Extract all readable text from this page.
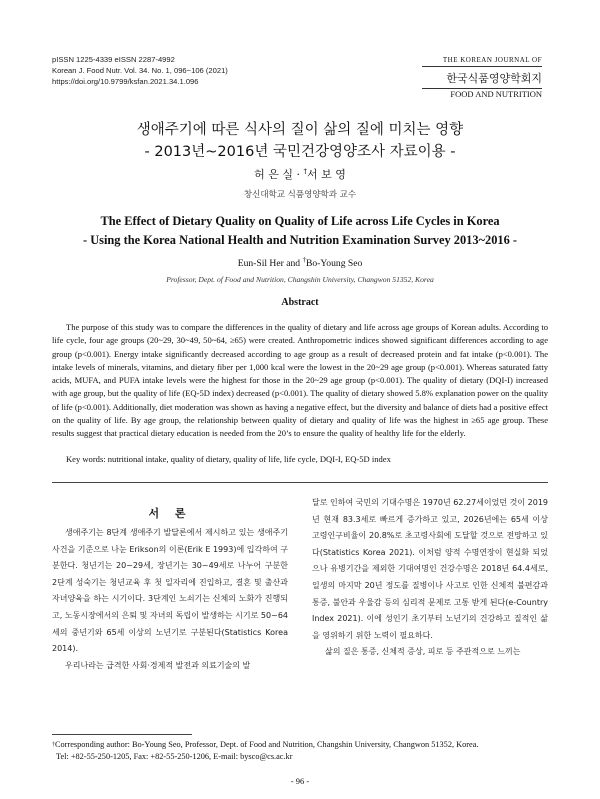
pISSN 1225-4339 eISSN 2287-4992
Korean J. Food Nutr. Vol. 34. No. 1, 096~106 (2021)
https://doi.org/10.9799/ksfan.2021.34.1.096
THE KOREAN JOURNAL OF
한국식품영양학회지
FOOD AND NUTRITION
생애주기에 따른 식사의 질이 삶의 질에 미치는 영향
- 2013년~2016년 국민건강영양조사 자료이용 -
허 은 실 · †서 보 영
창신대학교 식품영양학과 교수
The Effect of Dietary Quality on Quality of Life across Life Cycles in Korea
- Using the Korea National Health and Nutrition Examination Survey 2013~2016 -
Eun-Sil Her and †Bo-Young Seo
Professor, Dept. of Food and Nutrition, Changshin University, Changwon 51352, Korea
Abstract
The purpose of this study was to compare the differences in the quality of dietary and life across age groups of Korean adults. According to life cycle, four age groups (20~29, 30~49, 50~64, ≥65) were created. Anthropometric indices showed significant differences according to age group (p<0.001). Energy intake significantly decreased according to age group as a result of decreased protein and fat intake (p<0.001). The intake levels of minerals, vitamins, and dietary fiber per 1,000 kcal were the lowest in the 20~29 age group (p<0.001). Whereas saturated fatty acids, MUFA, and PUFA intake levels were the highest for those in the 20~29 age group (p<0.001). The quality of dietary (DQI-I) increased with age group, but the quality of life (EQ-5D index) decreased (p<0.001). The quality of dietary showed 5.8% explanation power on the quality of life (p<0.001). Additionally, diet moderation was shown as having a negative effect, but the diversity and balance of diets had a positive effect on the quality of life. By age group, the relationship between quality of dietary and quality of life was the highest in ≥65 age group. These results suggest that practical dietary education is needed from the 20’s to ensure the quality of healthy life for the elderly.
Key words: nutritional intake, quality of dietary, quality of life, life cycle, DQI-I, EQ-5D index
서 론

생애주기는 8단계 생애주기 발달론에서 제시하고 있는 생애주기 사건을 기준으로 나눈 Erikson의 이론(Erik E 1993)에 입각하여 구분한다. 청년기는 20~29세, 장년기는 30~49세로 나누어 구분한 2단계 성숙기는 청년교육 후 첫 일자리에 진입하고, 결혼 및 출산과 자녀양육을 하는 시기이다. 3단계인 노쇠기는 신체의 노화가 진행되고, 노동시장에서의 은퇴 및 자녀의 독립이 발생하는 시기로 50~64세의 중년기와 65세 이상의 노년기로 구분된다(Statistics Korea 2014).

우리나라는 급격한 사회·경제적 발전과 의료기술의 발

달로 인하여 국민의 기대수명은 1970년 62.27세이었던 것이 2019년 현재 83.3세로 빠르게 증가하고 있고, 2026년에는 65세 이상 고령인구비율이 20.8%로 초고령사회에 도달할 것으로 전망하고 있다(Statistics Korea 2021). 이처럼 양적 수명연장이 현실화 되었으나 유병기간을 제외한 기대여명인 건강수명은 2018년 64.4세로, 일생의 마지막 20년 정도를 질병이나 사고로 인한 신체적 불편감과 통증, 불안과 우울감 등의 심리적 문제로 고통 받게 된다(e-Country Index 2021). 이에 성인기 초기부터 노년기의 건강하고 질적인 삶을 영위하기 위한 노력이 필요하다.

삶의 질은 통증, 신체적 증상, 피로 등 주관적으로 느끼는

†Corresponding author: Bo-Young Seo, Professor, Dept. of Food and Nutrition, Changshin University, Changwon 51352, Korea.
Tel: +82-55-250-1205, Fax: +82-55-250-1206, E-mail: bysco@cs.ac.kr
- 96 -
